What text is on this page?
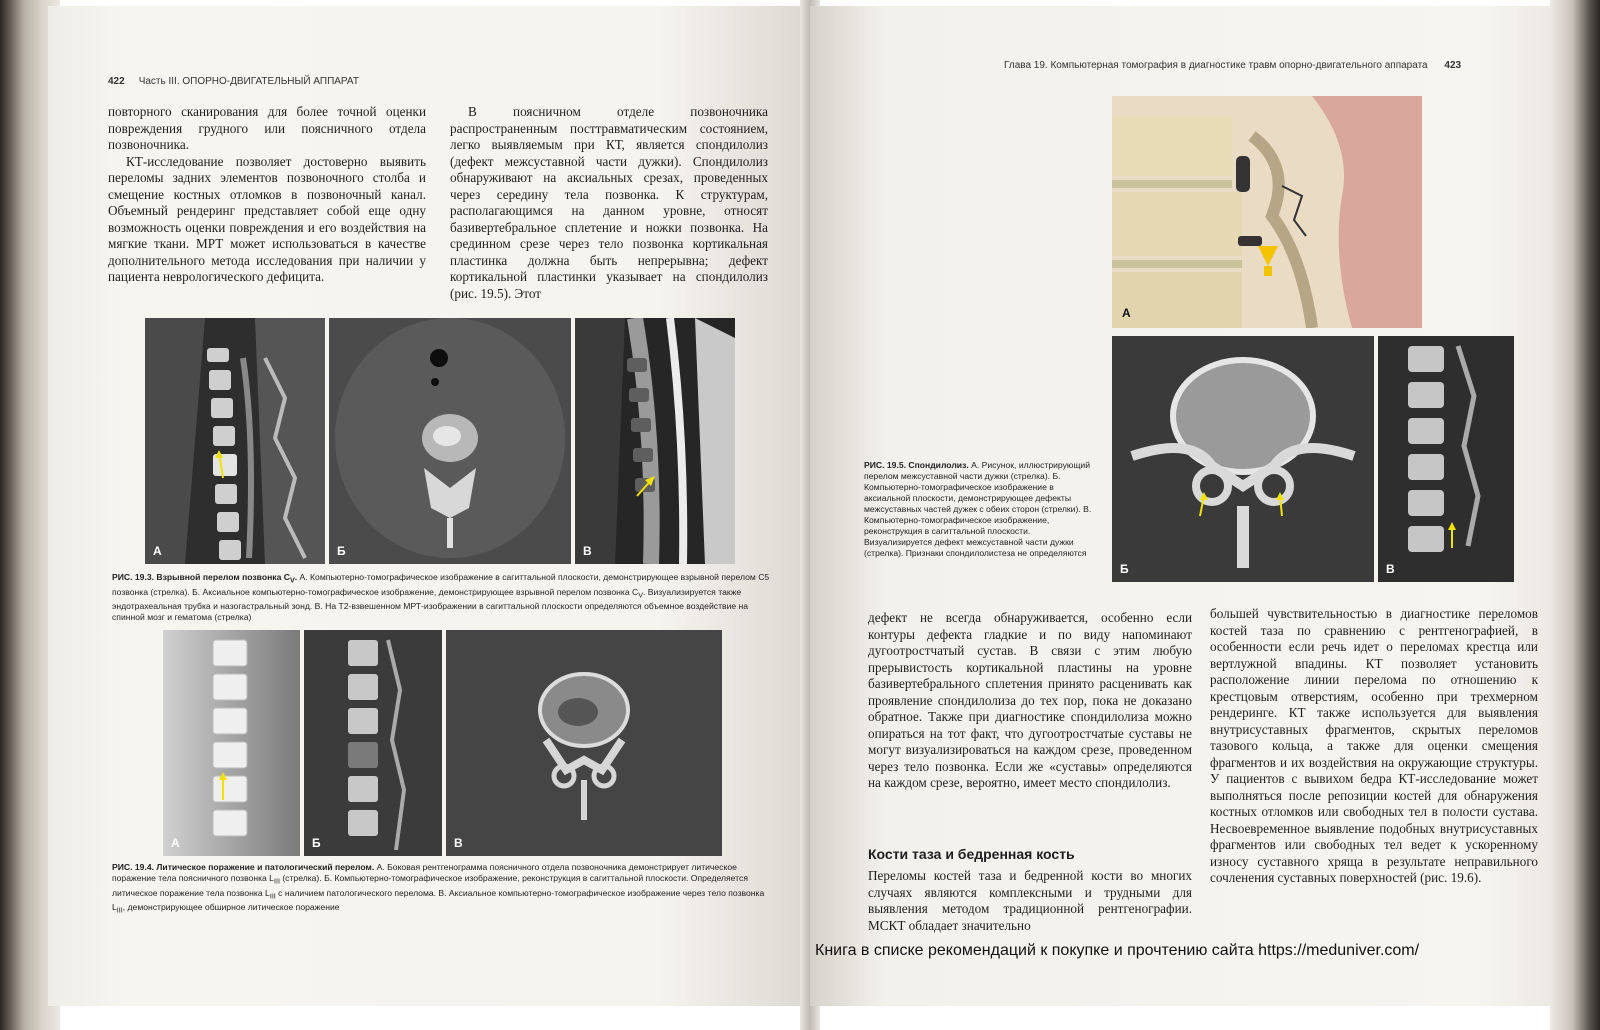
422 Часть III. ОПОРНО-ДВИГАТЕЛЬНЫЙ АППАРАТ

повторного сканирования для более точной оценки повреждения грудного или поясничного отдела позвоночника.

КТ-исследование позволяет достоверно выявить переломы задних элементов позвоночного столба и смещение костных отломков в позвоночный канал. Объемный рендеринг представляет собой еще одну возможность оценки повреждения и его воздействия на мягкие ткани. МРТ может использоваться в качестве дополнительного метода исследования при наличии у пациента неврологического дефицита.

В поясничном отделе позвоночника распространенным посттравматическим состоянием, легко выявляемым при КТ, является спондилолиз (дефект межсуставной части дужки). Спондилолиз обнаруживают на аксиальных срезах, проведенных через середину тела позвонка. К структурам, располагающимся на данном уровне, относят базивертебральное сплетение и ножки позвонка. На срединном срезе через тело позвонка кортикальная пластинка должна быть непрерывна; дефект кортикальной пластинки указывает на спондилолиз (рис. 19.5). Этот

А	Б	В
РИС. 19.3. Взрывной перелом позвонка $C_V$. А. Компьютерно-томографическое изображение в сагиттальной плоскости, демонстрирующее взрывной перелом C5 позвонка (стрелка). Б. Аксиальное компьютерно-томографическое изображение, демонстрирующее взрывной перелом позвонка $C_V$. Визуализируется также эндотрахеальная трубка и назогастральный зонд. В. На T2-взвешенном МРТ-изображении в сагиттальной плоскости определяются объемное воздействие на спинной мозг и гематома (стрелка)
А	Б	В
РИС. 19.4. Литическое поражение и патологический перелом. А. Боковая рентгенограмма поясничного отдела позвоночника демонстрирует литическое поражение тела поясничного позвонка $L_{III}$ (стрелка). Б. Компьютерно-томографическое изображение, реконструкция в сагиттальной плоскости. Определяется литическое поражение тела позвонка $L_{III}$ с наличием патологического перелома. В. Аксиальное компьютерно-томографическое изображение через тело позвонка $L_{III}$, демонстрирующее обширное литическое поражение
Глава 19. Компьютерная томография в диагностике травм опорно-двигательного аппарата 423
А
Б	В
РИС. 19.5. Спондилолиз. А. Рисунок, иллюстрирующий перелом межсуставной части дужки (стрелка). Б. Компьютерно-томографическое изображение в аксиальной плоскости, демонстрирующее дефекты межсуставных частей дужек с обеих сторон (стрелки). В. Компьютерно-томографическое изображение, реконструкция в сагиттальной плоскости. Визуализируется дефект межсуставной части дужки (стрелка). Признаки спондилолистеза не определяются

дефект не всегда обнаруживается, особенно если контуры дефекта гладкие и по виду напоминают дугоотростчатый сустав. В связи с этим любую прерывистость кортикальной пластины на уровне базивертебрального сплетения принято расценивать как проявление спондилолиза до тех пор, пока не доказано обратное. Также при диагностике спондилолиза можно опираться на тот факт, что дугоотростчатые суставы не могут визуализироваться на каждом срезе, проведенном через тело позвонка. Если же «суставы» определяются на каждом срезе, вероятно, имеет место спондилолиз.

Кости таза и бедренная кость

Переломы костей таза и бедренной кости во многих случаях являются комплексными и трудными для выявления методом традиционной рентгенографии. МСКТ обладает значительно

большей чувствительностью в диагностике переломов костей таза по сравнению с рентгенографией, в особенности если речь идет о переломах крестца или вертлужной впадины. КТ позволяет установить расположение линии перелома по отношению к крестцовым отверстиям, особенно при трехмерном рендеринге. КТ также используется для выявления внутрисуставных фрагментов, скрытых переломов тазового кольца, а также для оценки смещения фрагментов и их воздействия на окружающие структуры. У пациентов с вывихом бедра КТ-исследование может выполняться после репозиции костей для обнаружения костных отломков или свободных тел в полости сустава. Несвоевременное выявление подобных внутрисуставных фрагментов или свободных тел ведет к ускоренному износу суставного хряща в результате неправильного сочленения суставных поверхностей (рис. 19.6).

Книга в списке рекомендаций к покупке и прочтению сайта https://meduniver.com/
